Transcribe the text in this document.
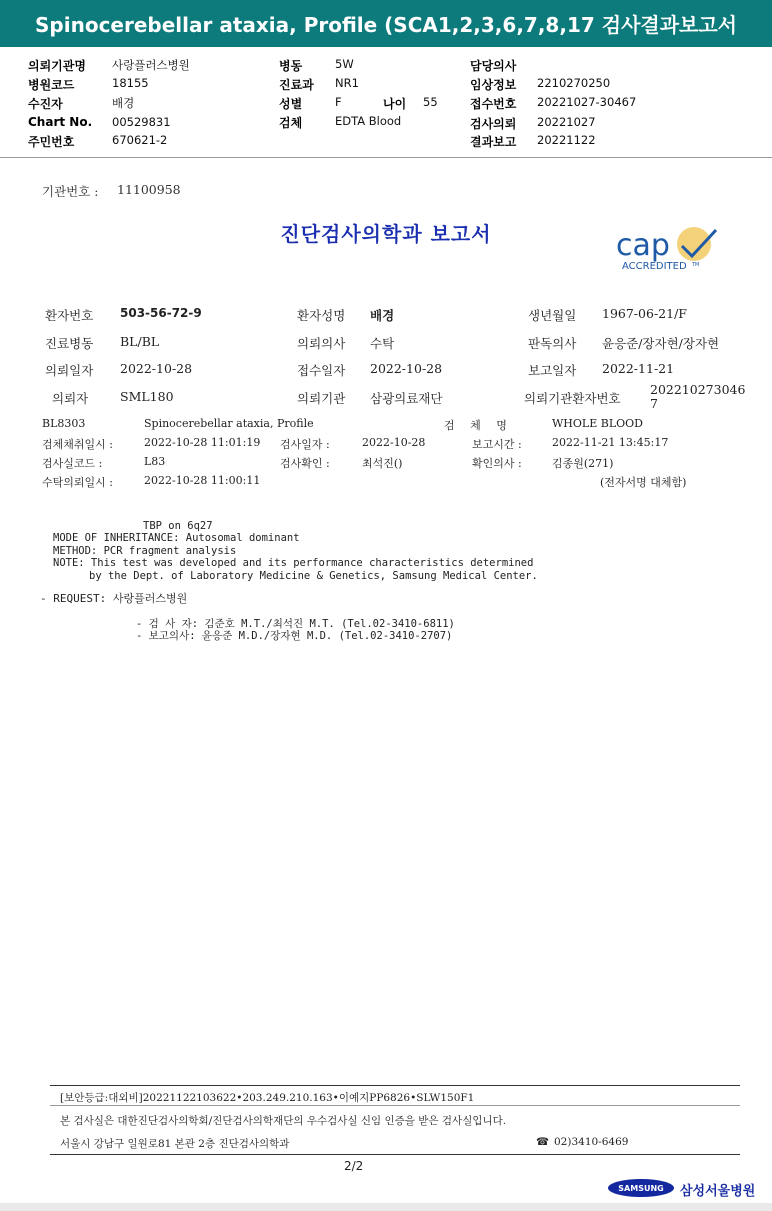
Spinocerebellar ataxia, Profile (SCA1,2,3,6,7,8,17 검사결과보고서
의뢰기관명 사랑플러스병원	병동	5W	담당의사
병원코드	18155	진료과 NR1	임상정보 2210270250
수진자	배경	성별	F	나이 55	접수번호 20221027-30467
Chart No. 00529831	검체	EDTA Blood	검사의뢰 20221027
주민번호	670621-2	결과보고 20221122
기관번호 : 11100958
진단검사의학과 보고서	cap
ACCREDITED TM
환자번호 503-56-72-9	환자성명 배경	생년월일 1967-06-21/F
진료병동 BL/BL	의뢰의사 수탁	판독의사 윤응준/장자현/장자현
의뢰일자 2022-10-28	접수일자 2022-10-28	보고일자 2022-11-21
의뢰자	SML180	의뢰기관 삼광의료재단	의뢰기관환자번호
202210273046
7
BL8303	Spinocerebellar ataxia, Profile	검 체 명	WHOLE BLOOD
검체채취일시 :	2022-10-28 11:01:19 검사일자 :	2022-10-28	보고시간 :	2022-11-21 13:45:17
검사실코드 :	L83	검사확인 :	최석진()	확인의사 :	김종원(271)
수탁의뢰일시 :	2022-10-28 11:00:11	(전자서명 대체함)
TBP on 6q27
MODE OF INHERITANCE: Autosomal dominant
METHOD: PCR fragment analysis
NOTE: This test was developed and its performance characteristics determined
by the Dept. of Laboratory Medicine & Genetics, Samsung Medical Center.
- REQUEST: 사랑플러스병원
- 검 사 자: 김준호 M.T./최석진 M.T. (Tel.02-3410-6811)
- 보고의사: 윤응준 M.D./장자현 M.D. (Tel.02-3410-2707)
[보안등급:대외비]20221122103622•203.249.210.163•이예지PP6826•SLW150F1
본 검사실은 대한진단검사의학회/진단검사의학재단의 우수검사실 신임 인증을 받은 검사실입니다.
서울시 강남구 일원로81 본관 2층 진단검사의학과	☎ 02)3410-6469
2/2
SAMSUNG	삼성서울병원
